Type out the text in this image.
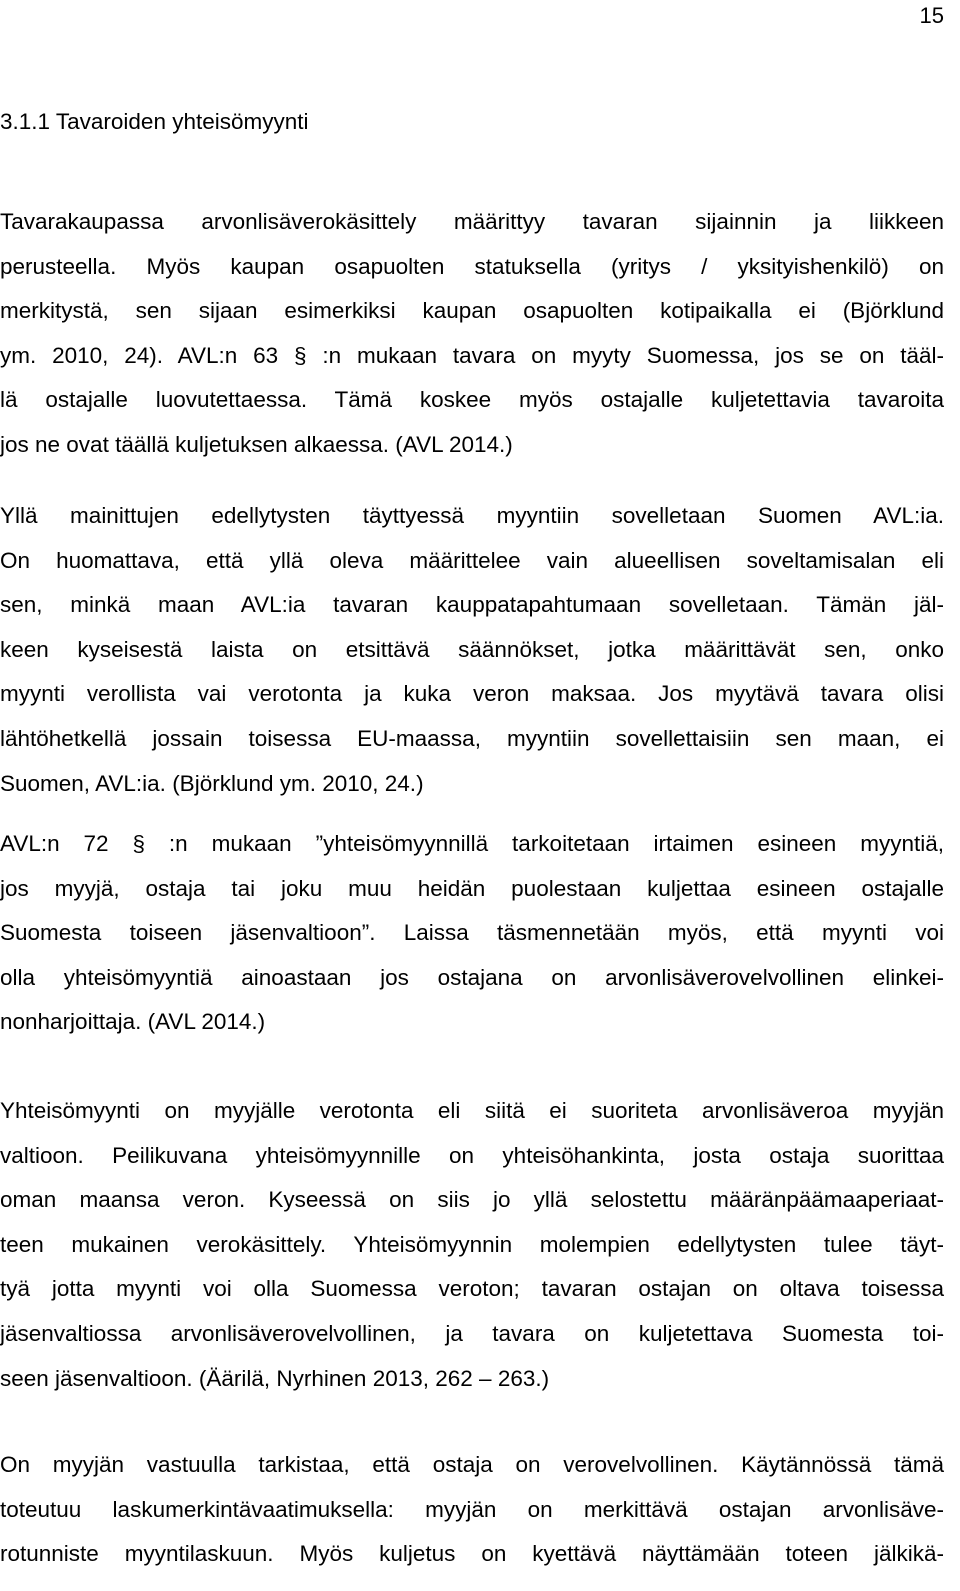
15
3.1.1 Tavaroiden yhteisömyynti
Tavarakaupassa arvonlisäverokäsittely määrittyy tavaran sijainnin ja liikkeen
perusteella. Myös kaupan osapuolten statuksella (yritys / yksityishenkilö) on
merkitystä, sen sijaan esimerkiksi kaupan osapuolten kotipaikalla ei (Björklund
ym. 2010, 24). AVL:n 63 § :n mukaan tavara on myyty Suomessa, jos se on tääl-
lä ostajalle luovutettaessa. Tämä koskee myös ostajalle kuljetettavia tavaroita
jos ne ovat täällä kuljetuksen alkaessa. (AVL 2014.)
Yllä mainittujen edellytysten täyttyessä myyntiin sovelletaan Suomen AVL:ia.
On huomattava, että yllä oleva määrittelee vain alueellisen soveltamisalan eli
sen, minkä maan AVL:ia tavaran kauppatapahtumaan sovelletaan. Tämän jäl-
keen kyseisestä laista on etsittävä säännökset, jotka määrittävät sen, onko
myynti verollista vai verotonta ja kuka veron maksaa. Jos myytävä tavara olisi
lähtöhetkellä jossain toisessa EU-maassa, myyntiin sovellettaisiin sen maan, ei
Suomen, AVL:ia. (Björklund ym. 2010, 24.)
AVL:n 72 § :n mukaan ”yhteisömyynnillä tarkoitetaan irtaimen esineen myyntiä,
jos myyjä, ostaja tai joku muu heidän puolestaan kuljettaa esineen ostajalle
Suomesta toiseen jäsenvaltioon”. Laissa täsmennetään myös, että myynti voi
olla yhteisömyyntiä ainoastaan jos ostajana on arvonlisäverovelvollinen elinkei-
nonharjoittaja. (AVL 2014.)
Yhteisömyynti on myyjälle verotonta eli siitä ei suoriteta arvonlisäveroa myyjän
valtioon. Peilikuvana yhteisömyynnille on yhteisöhankinta, josta ostaja suorittaa
oman maansa veron. Kyseessä on siis jo yllä selostettu määränpäämaaperiaat-
teen mukainen verokäsittely. Yhteisömyynnin molempien edellytysten tulee täyt-
tyä jotta myynti voi olla Suomessa veroton; tavaran ostajan on oltava toisessa
jäsenvaltiossa arvonlisäverovelvollinen, ja tavara on kuljetettava Suomesta toi-
seen jäsenvaltioon. (Äärilä, Nyrhinen 2013, 262 – 263.)
On myyjän vastuulla tarkistaa, että ostaja on verovelvollinen. Käytännössä tämä
toteutuu laskumerkintävaatimuksella: myyjän on merkittävä ostajan arvonlisäve-
rotunniste myyntilaskuun. Myös kuljetus on kyettävä näyttämään toteen jälkikä-
